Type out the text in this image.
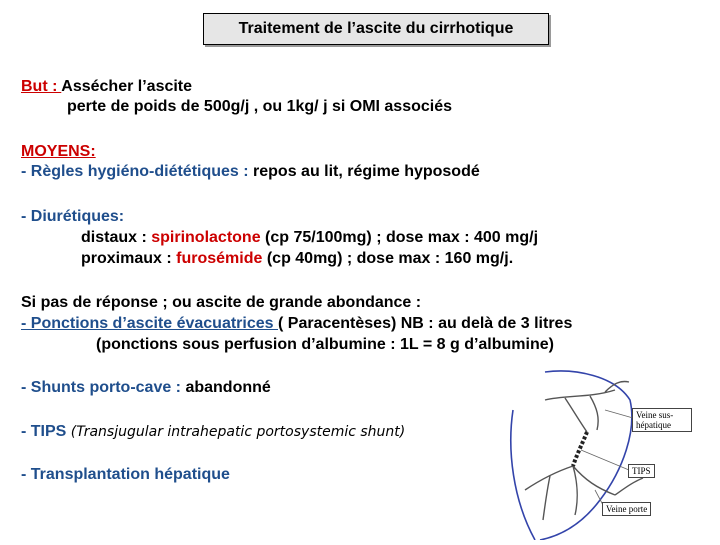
Traitement de l’ascite du cirrhotique
But : Assécher l’ascite
perte de poids de 500g/j , ou 1kg/ j si OMI associés
MOYENS:
- Règles hygiéno-diététiques : repos au lit, régime hyposodé
- Diurétiques:
distaux : spirinolactone (cp 75/100mg) ; dose max : 400 mg/j
proximaux : furosémide (cp 40mg) ; dose max : 160 mg/j.
Si pas de réponse ; ou ascite de grande abondance :
- Ponctions d’ascite évacuatrices ( Paracentèses) NB : au delà de 3 litres
(ponctions sous perfusion d’albumine : 1L = 8 g d’albumine)
- Shunts porto-cave : abandonné
- TIPS (Transjugular intrahepatic portosystemic shunt)
- Transplantation hépatique
Veine sus-hépatique
TIPS
Veine porte
